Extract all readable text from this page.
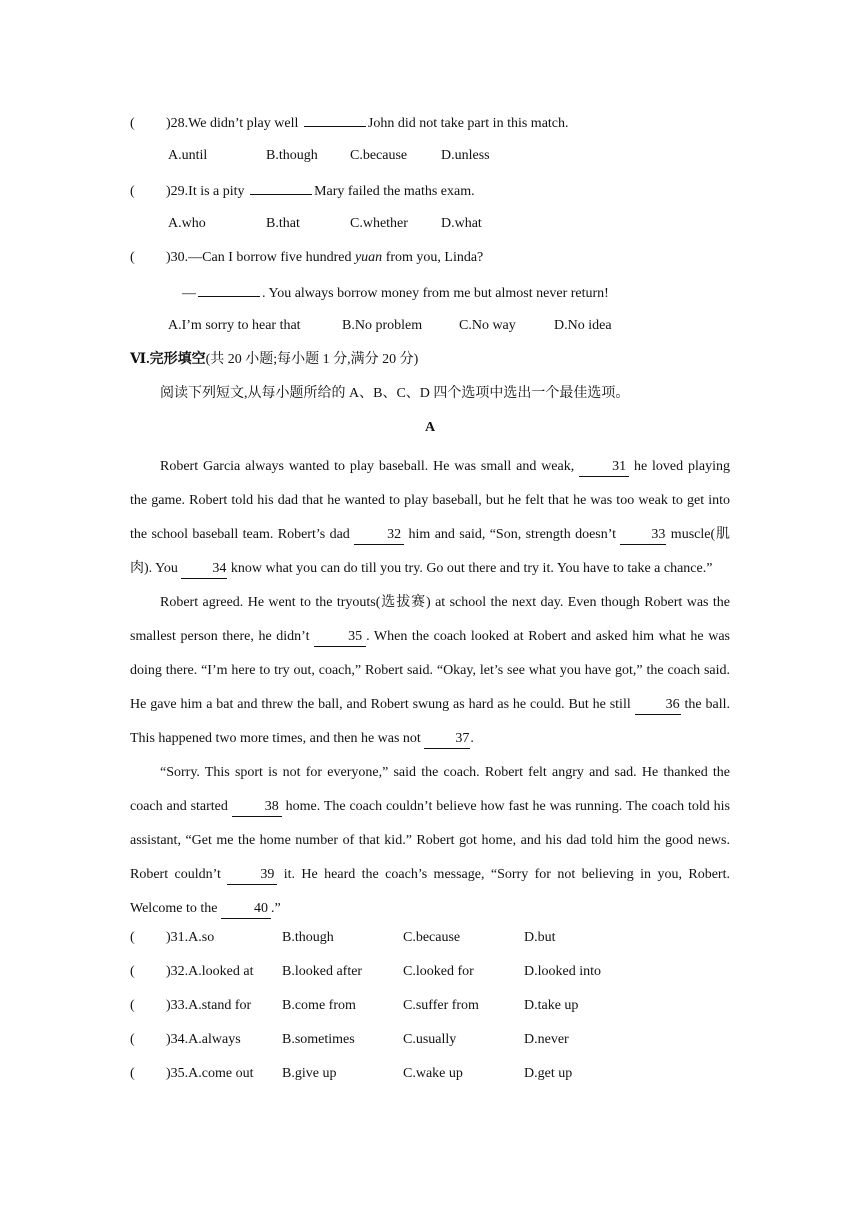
( )28.We didn’t play well	John did not take part in this match.
A.until	B.though C.because D.unless
( )29.It is a pity	Mary failed the maths exam.
A.who	B.that	C.whether D.what
( )30.—Can I borrow five hundred yuan from you, Linda?
—	. You always borrow money from me but almost never return!
A.I’m sorry to hear that	B.No problem	C.No way	D.No idea
Ⅵ.完形填空(共 20 小题;每小题 1 分,满分 20 分)
阅读下列短文,从每小题所给的 A、B、C、D 四个选项中选出一个最佳选项。
A

Robert Garcia always wanted to play baseball. He was small and weak, 31 he loved playing the game. Robert told his dad that he wanted to play baseball, but he felt that he was too weak to get into the school baseball team. Robert’s dad 32 him and said, “Son, strength doesn’t 33 muscle(肌肉). You 34 know what you can do till you try. Go out there and try it. You have to take a chance.”

Robert agreed. He went to the tryouts(选拔赛) at school the next day. Even though Robert was the smallest person there, he didn’t 35 . When the coach looked at Robert and asked him what he was doing there. “I’m here to try out, coach,” Robert said. “Okay, let’s see what you have got,” the coach said. He gave him a bat and threw the ball, and Robert swung as hard as he could. But he still 36 the ball. This happened two more times, and then he was not 37.

“Sorry. This sport is not for everyone,” said the coach. Robert felt angry and sad. He thanked the coach and started 38 home. The coach couldn’t believe how fast he was running. The coach told his assistant, “Get me the home number of that kid.” Robert got home, and his dad told him the good news. Robert couldn’t 39 it. He heard the coach’s message, “Sorry for not believing in you, Robert. Welcome to the 40 .”

( )31.A.so	B.though	C.because	D.but
( )32.A.looked at B.looked after	C.looked for	D.looked into
( )33.A.stand for B.come from	C.suffer from	D.take up
( )34.A.always	B.sometimes	C.usually	D.never
( )35.A.come out B.give up	C.wake up	D.get up
